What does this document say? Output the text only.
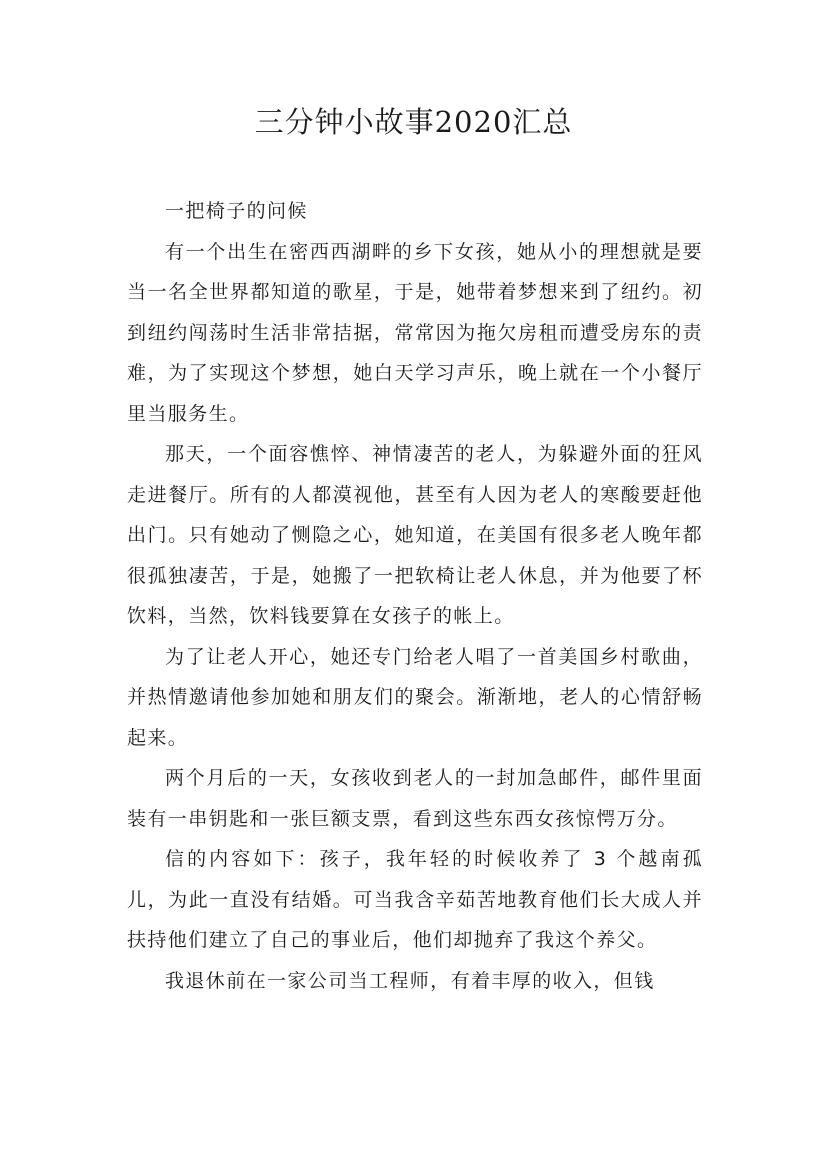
三分钟小故事2020汇总
一把椅子的问候

有一个出生在密西西湖畔的乡下女孩，她从小的理想就是要当一名全世界都知道的歌星，于是，她带着梦想来到了纽约。初到纽约闯荡时生活非常拮据，常常因为拖欠房租而遭受房东的责难，为了实现这个梦想，她白天学习声乐，晚上就在一个小餐厅里当服务生。

那天，一个面容憔悴、神情凄苦的老人，为躲避外面的狂风走进餐厅。所有的人都漠视他，甚至有人因为老人的寒酸要赶他出门。只有她动了恻隐之心，她知道，在美国有很多老人晚年都很孤独凄苦，于是，她搬了一把软椅让老人休息，并为他要了杯饮料，当然，饮料钱要算在女孩子的帐上。

为了让老人开心，她还专门给老人唱了一首美国乡村歌曲，并热情邀请他参加她和朋友们的聚会。渐渐地，老人的心情舒畅起来。

两个月后的一天，女孩收到老人的一封加急邮件，邮件里面装有一串钥匙和一张巨额支票，看到这些东西女孩惊愕万分。

信的内容如下：孩子，我年轻的时候收养了 3 个越南孤儿，为此一直没有结婚。可当我含辛茹苦地教育他们长大成人并扶持他们建立了自己的事业后，他们却抛弃了我这个养父。

我退休前在一家公司当工程师，有着丰厚的收入，但钱
